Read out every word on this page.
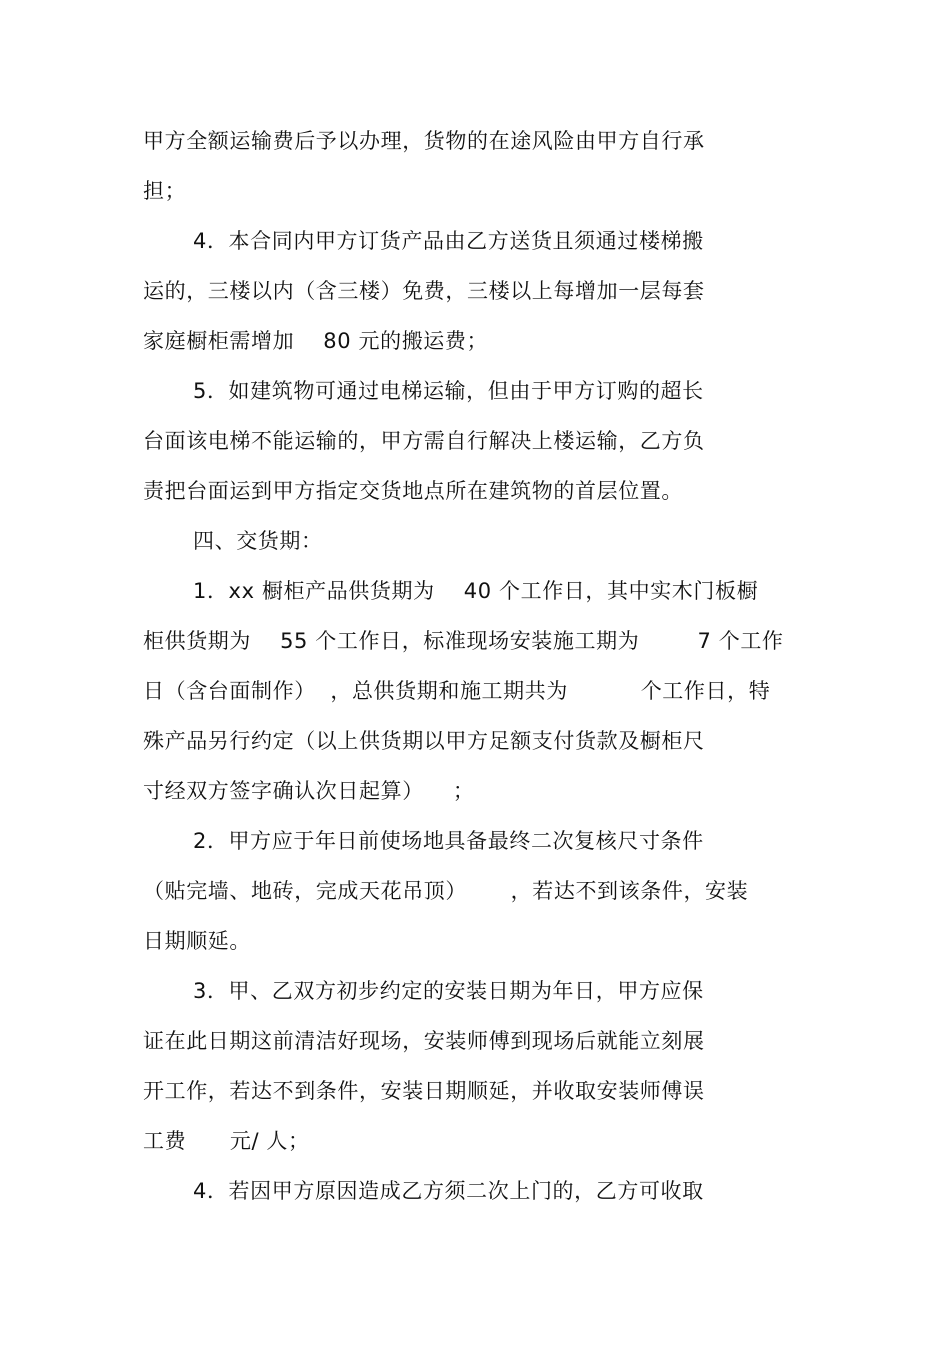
甲方全额运输费后予以办理，货物的在途风险由甲方自行承
担；
4．本合同内甲方订货产品由乙方送货且须通过楼梯搬
运的，三楼以内（含三楼）免费，三楼以上每增加一层每套
家庭橱柜需增加    80 元的搬运费；
5．如建筑物可通过电梯运输，但由于甲方订购的超长
台面该电梯不能运输的，甲方需自行解决上楼运输，乙方负
责把台面运到甲方指定交货地点所在建筑物的首层位置。
四、交货期：
1．xx 橱柜产品供货期为    40 个工作日，其中实木门板橱
柜供货期为    55 个工作日，标准现场安装施工期为        7 个工作
日（含台面制作）  ，总供货期和施工期共为          个工作日，特
殊产品另行约定（以上供货期以甲方足额支付货款及橱柜尺
寸经双方签字确认次日起算）    ；
2．甲方应于年日前使场地具备最终二次复核尺寸条件
（贴完墙、地砖，完成天花吊顶）      ，若达不到该条件，安装
日期顺延。
3．甲、乙双方初步约定的安装日期为年日，甲方应保
证在此日期这前清洁好现场，安装师傅到现场后就能立刻展
开工作，若达不到条件，安装日期顺延，并收取安装师傅误
工费      元/ 人；
4．若因甲方原因造成乙方须二次上门的，乙方可收取
